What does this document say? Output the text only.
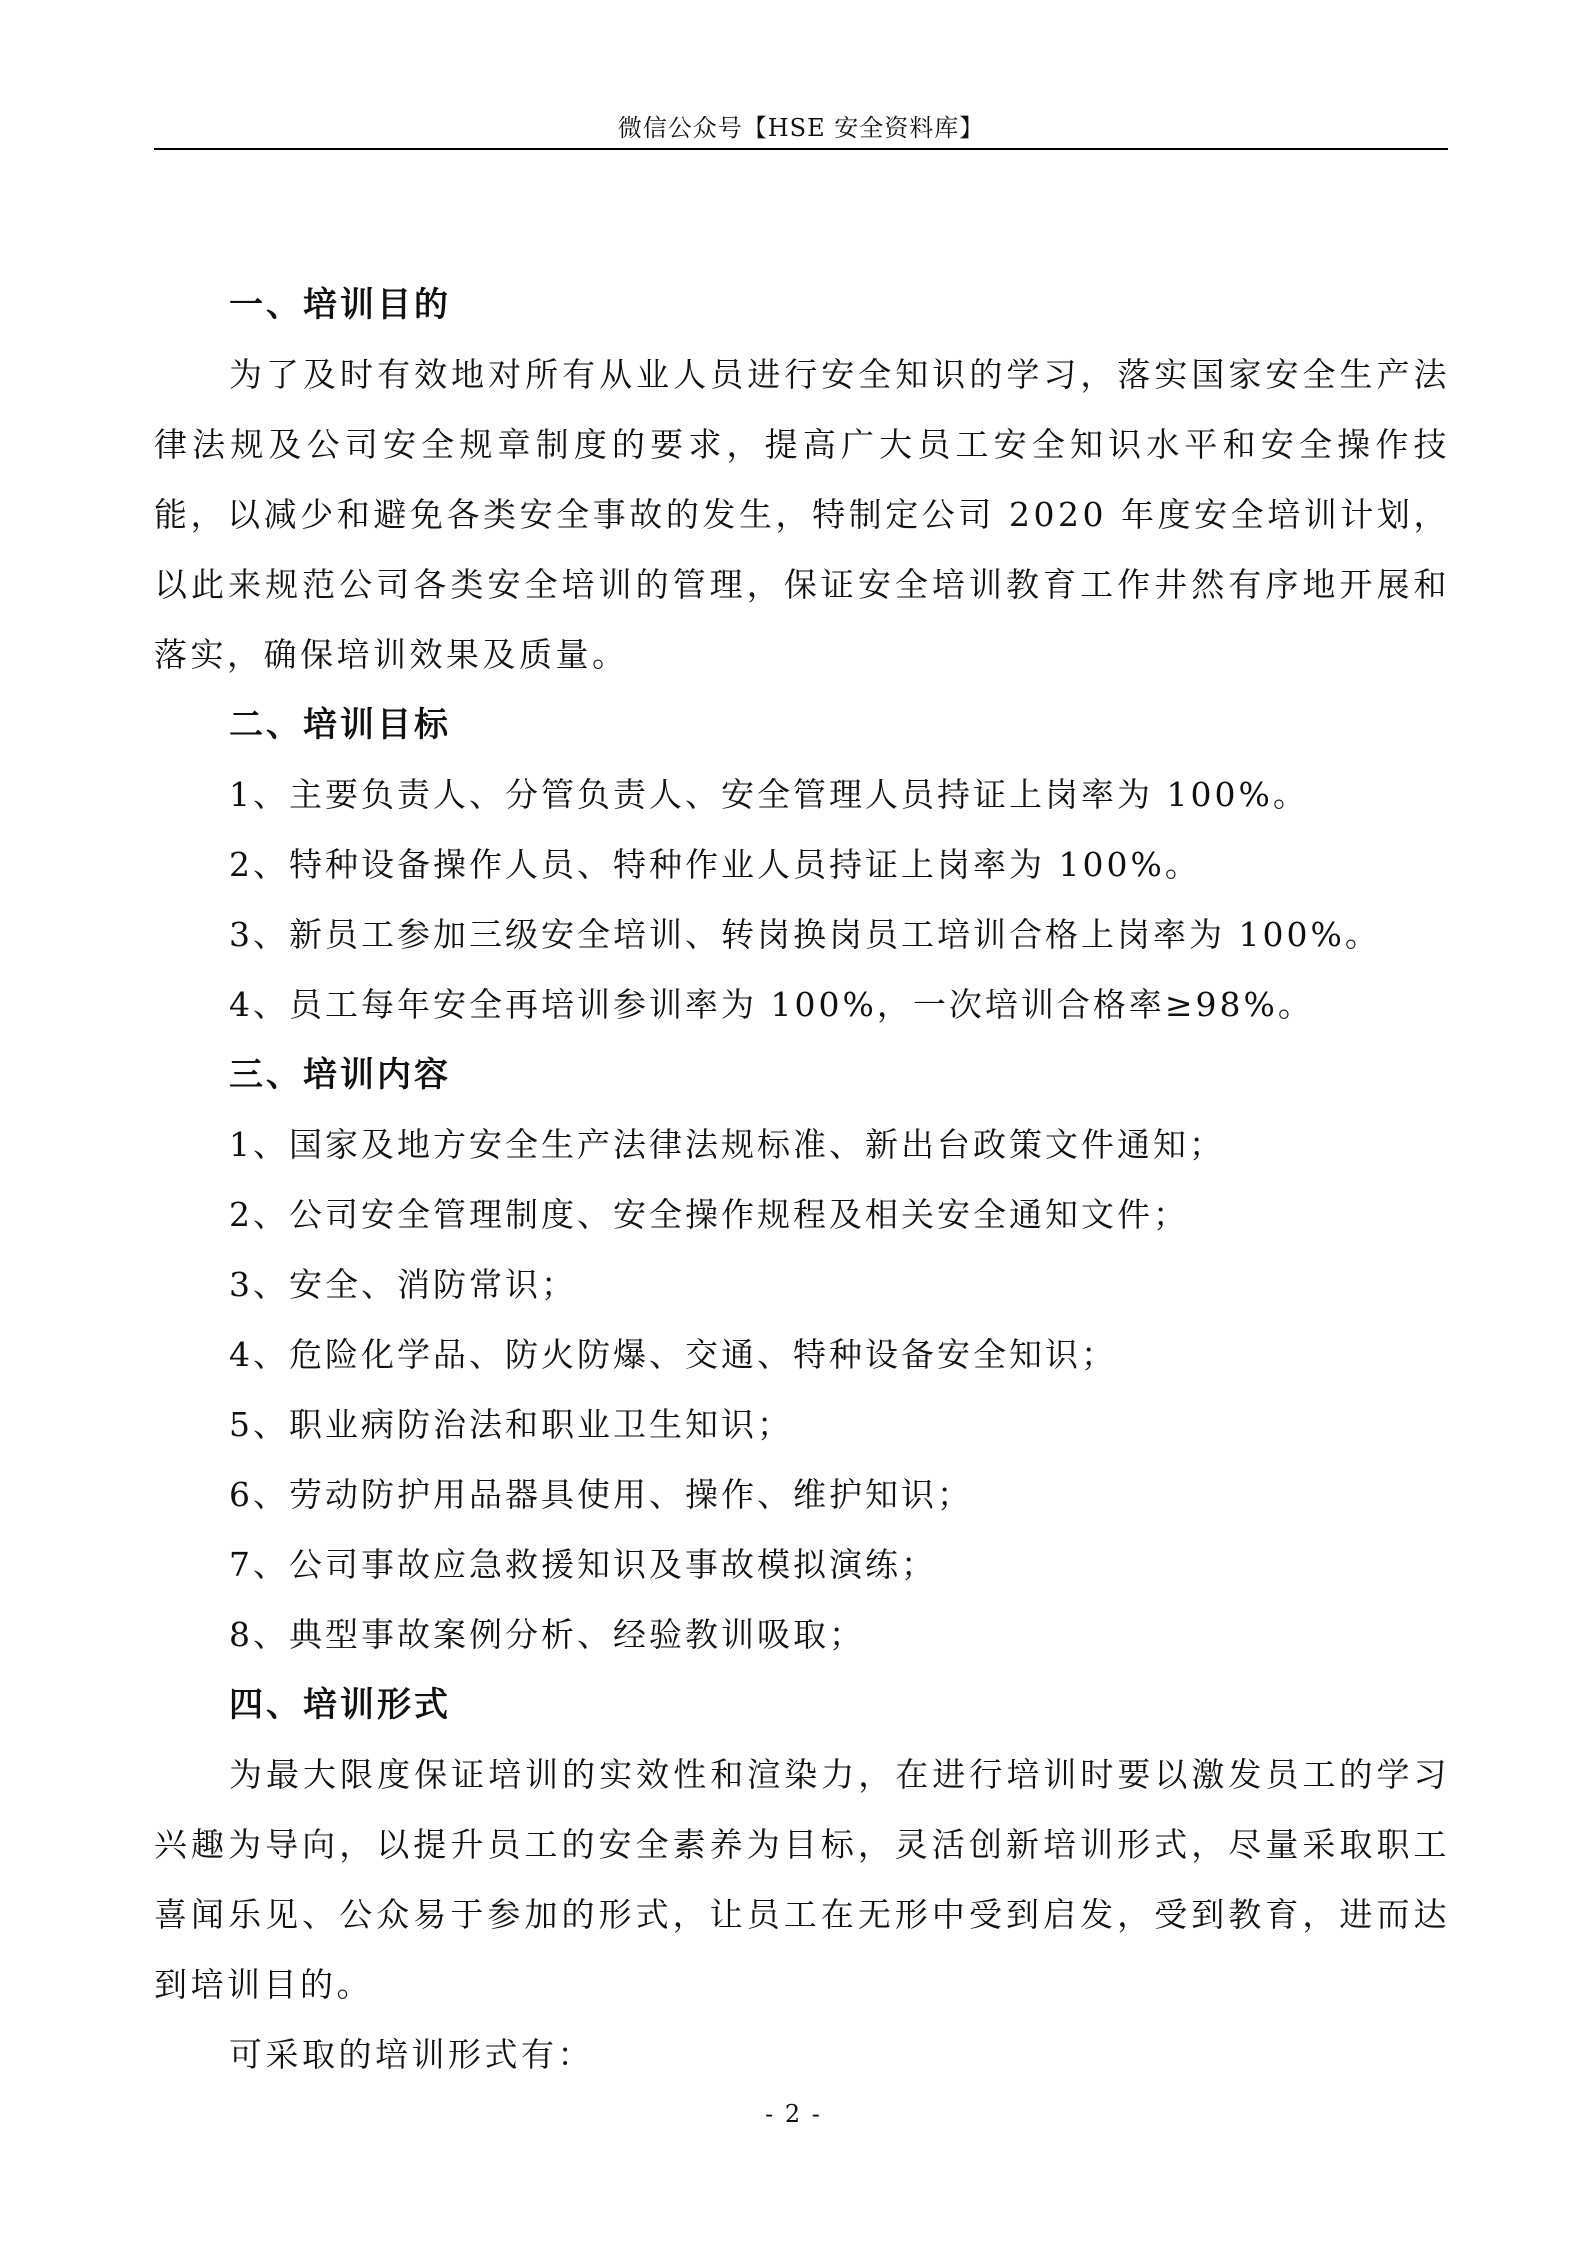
微信公众号【HSE 安全资料库】
一、培训目的

为了及时有效地对所有从业人员进行安全知识的学习，落实国家安全生产法律法规及公司安全规章制度的要求，提高广大员工安全知识水平和安全操作技能，以减少和避免各类安全事故的发生，特制定公司 2020 年度安全培训计划，以此来规范公司各类安全培训的管理，保证安全培训教育工作井然有序地开展和落实，确保培训效果及质量。

二、培训目标
1、主要负责人、分管负责人、安全管理人员持证上岗率为 100%。
2、特种设备操作人员、特种作业人员持证上岗率为 100%。
3、新员工参加三级安全培训、转岗换岗员工培训合格上岗率为 100%。
4、员工每年安全再培训参训率为 100%，一次培训合格率≥98%。
三、培训内容
1、国家及地方安全生产法律法规标准、新出台政策文件通知；
2、公司安全管理制度、安全操作规程及相关安全通知文件；
3、安全、消防常识；
4、危险化学品、防火防爆、交通、特种设备安全知识；
5、职业病防治法和职业卫生知识；
6、劳动防护用品器具使用、操作、维护知识；
7、公司事故应急救援知识及事故模拟演练；
8、典型事故案例分析、经验教训吸取；
四、培训形式

为最大限度保证培训的实效性和渲染力，在进行培训时要以激发员工的学习兴趣为导向，以提升员工的安全素养为目标，灵活创新培训形式，尽量采取职工喜闻乐见、公众易于参加的形式，让员工在无形中受到启发，受到教育，进而达到培训目的。

可采取的培训形式有：

- 2 -
